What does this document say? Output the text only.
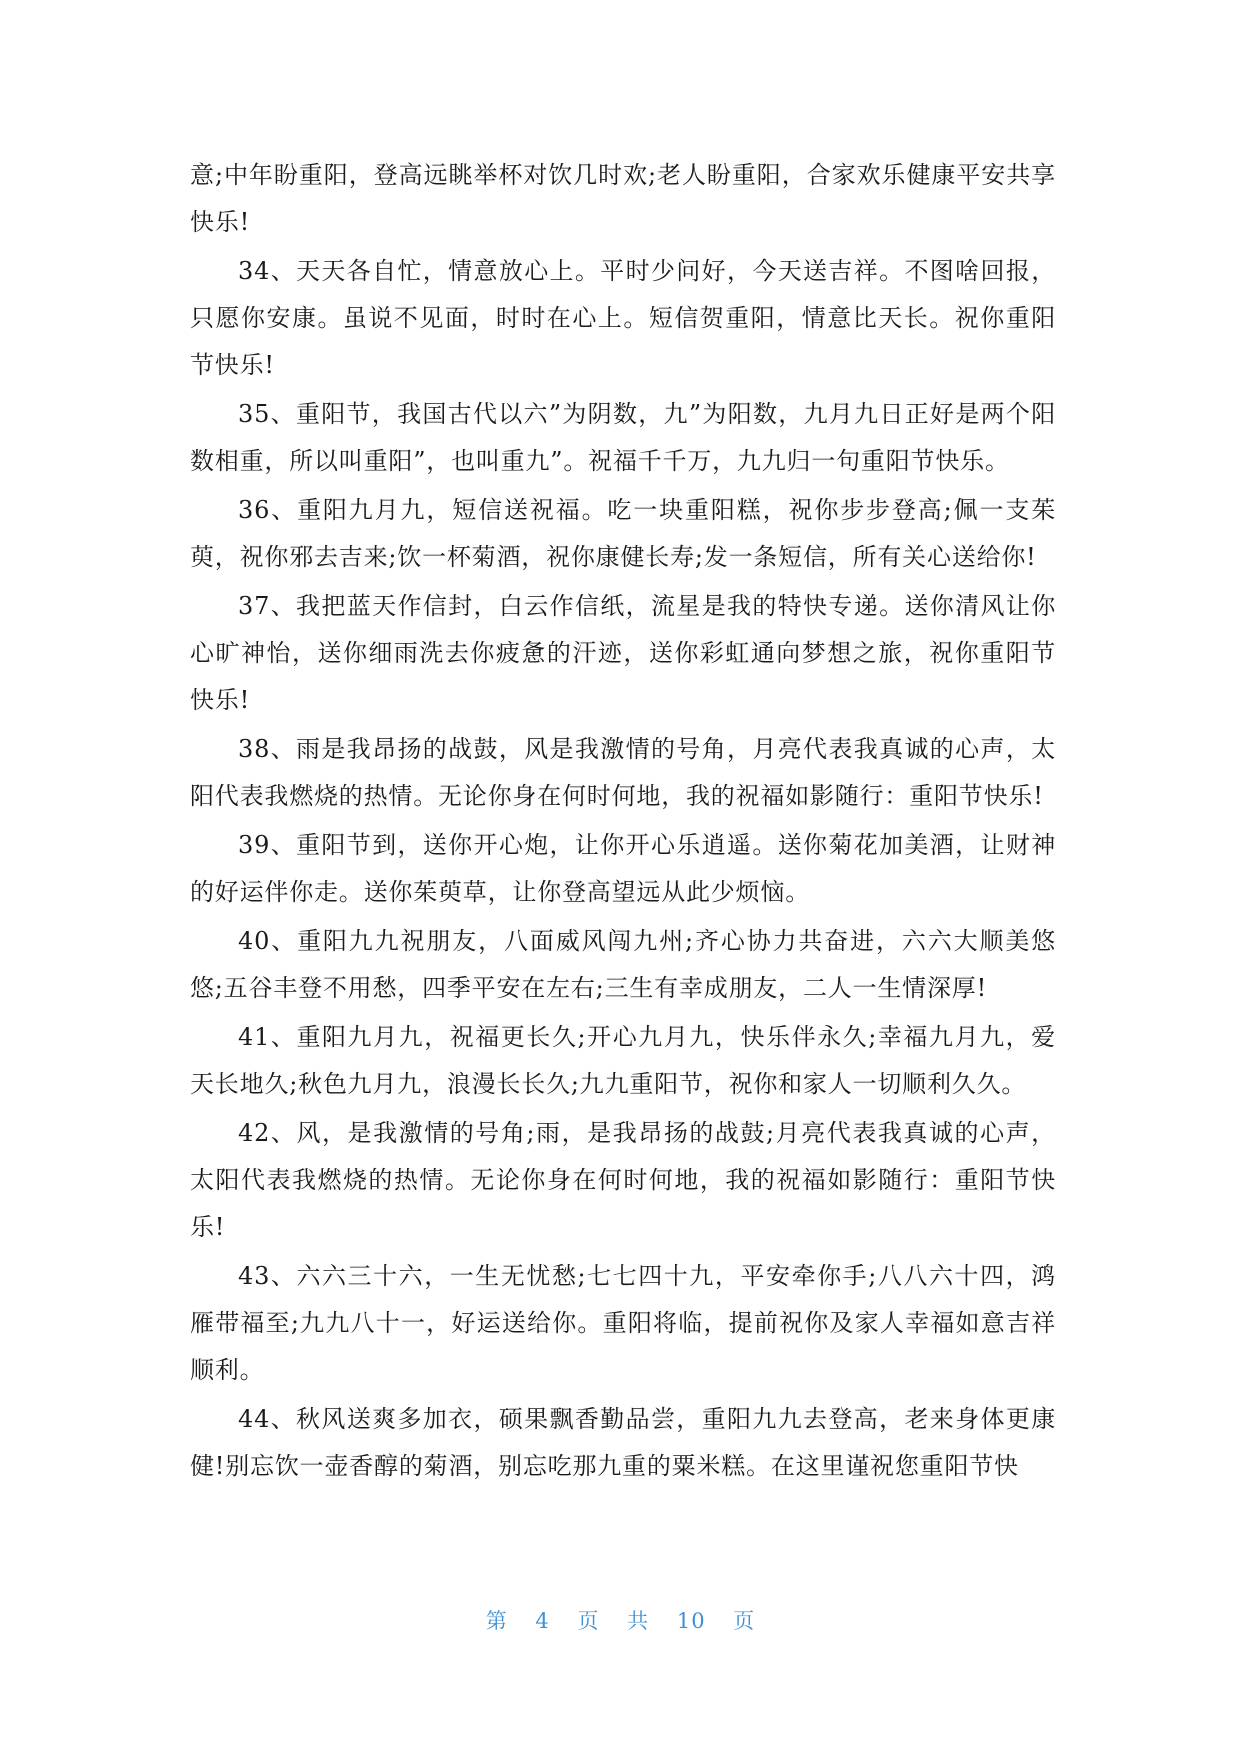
意;中年盼重阳，登高远眺举杯对饮几时欢;老人盼重阳，合家欢乐健康平安共享快乐!

34、天天各自忙，情意放心上。平时少问好，今天送吉祥。不图啥回报，只愿你安康。虽说不见面，时时在心上。短信贺重阳，情意比天长。祝你重阳节快乐!

35、重阳节，我国古代以六”为阴数，九”为阳数，九月九日正好是两个阳数相重，所以叫重阳”，也叫重九”。祝福千千万，九九归一句重阳节快乐。

36、重阳九月九，短信送祝福。吃一块重阳糕，祝你步步登高;佩一支茱萸，祝你邪去吉来;饮一杯菊酒，祝你康健长寿;发一条短信，所有关心送给你!

37、我把蓝天作信封，白云作信纸，流星是我的特快专递。送你清风让你心旷神怡，送你细雨洗去你疲惫的汗迹，送你彩虹通向梦想之旅，祝你重阳节快乐!

38、雨是我昂扬的战鼓，风是我激情的号角，月亮代表我真诚的心声，太阳代表我燃烧的热情。无论你身在何时何地，我的祝福如影随行：重阳节快乐!

39、重阳节到，送你开心炮，让你开心乐逍遥。送你菊花加美酒，让财神的好运伴你走。送你茱萸草，让你登高望远从此少烦恼。

40、重阳九九祝朋友，八面威风闯九州;齐心协力共奋进，六六大顺美悠悠;五谷丰登不用愁，四季平安在左右;三生有幸成朋友，二人一生情深厚!

41、重阳九月九，祝福更长久;开心九月九，快乐伴永久;幸福九月九，爱天长地久;秋色九月九，浪漫长长久;九九重阳节，祝你和家人一切顺利久久。

42、风，是我激情的号角;雨，是我昂扬的战鼓;月亮代表我真诚的心声，太阳代表我燃烧的热情。无论你身在何时何地，我的祝福如影随行：重阳节快乐!

43、六六三十六，一生无忧愁;七七四十九，平安牵你手;八八六十四，鸿雁带福至;九九八十一，好运送给你。重阳将临，提前祝你及家人幸福如意吉祥顺利。

44、秋风送爽多加衣，硕果飘香勤品尝，重阳九九去登高，老来身体更康健!别忘饮一壶香醇的菊酒，别忘吃那九重的粟米糕。在这里谨祝您重阳节快

第 4 页 共 10 页
